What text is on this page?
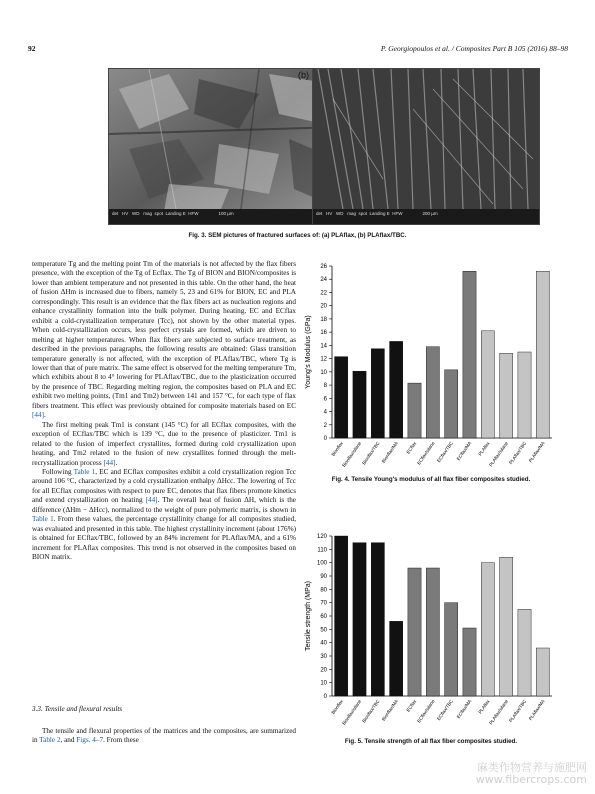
92	P. Georgiopoulos et al. / Composites Part B 105 (2016) 88–98
det   HV   WD   mag  spot  Landing E  HFW                100 µm
(b)
det   HV   WD   mag  spot  Landing E  HFW                200 µm
Fig. 3. SEM pictures of fractured surfaces of: (a) PLAflax, (b) PLAflax/TBC.

temperature Tg and the melting point Tm of the materials is not affected by the flax fibers presence, with the exception of the Tg of Ecflax. The Tg of BION and BION/composites is lower than ambient temperature and not presented in this table. On the other hand, the heat of fusion ΔHm is increased due to fibers, namely 5, 23 and 61% for BION, EC and PLA correspondingly. This result is an evidence that the flax fibers act as nucleation regions and enhance crystallinity formation into the bulk polymer. During heating, EC and ECflax exhibit a cold-crystallization temperature (Tcc), not shown by the other material types. When cold-crystallization occurs, less perfect crystals are formed, which are driven to melting at higher temperatures. When flax fibers are subjected to surface treatment, as described in the previous paragraphs, the following results are obtained: Glass transition temperature generally is not affected, with the exception of PLAflax/TBC, where Tg is lower than that of pure matrix. The same effect is observed for the melting temperature Tm, which exhibits about 8 to 4° lowering for PLAflax/TBC, due to the plasticization occurred by the presence of TBC. Regarding melting region, the composites based on PLA and EC exhibit two melting points, (Tm1 and Tm2) between 141 and 157 °C, for each type of flax fibers treatment. This effect was previously obtained for composite materials based on EC [44].

The first melting peak Tm1 is constant (145 °C) for all ECflax composites, with the exception of ECflax/TBC which is 139 °C, due to the presence of plasticizer. Tm1 is related to the fusion of imperfect crystallites, formed during cold crystallization upon heating, and Tm2 related to the fusion of new crystallites formed through the melt-recrystallization process [44].

Following Table 1, EC and ECflax composites exhibit a cold crystallization region Tcc around 106 °C, characterized by a cold crystallization enthalpy ΔHcc. The lowering of Tcc for all ECflax composites with respect to pure EC, denotes that flax fibers promote kinetics and extend crystallization on heating [44]. The overall heat of fusion ΔH, which is the difference (ΔHm − ΔHcc), normalized to the weight of pure polymeric matrix, is shown in Table 1. From these values, the percentage crystallinity change for all composites studied, was evaluated and presented in this table. The highest crystallinity increment (about 176%) is obtained for ECflax/TBC, followed by an 84% increment for PLAflax/MA, and a 61% increment for PLAflax composites. This trend is not observed in the composites based on BION matrix.

3.3. Tensile and flexural results

The tensile and flexural properties of the matrices and the composites, are summarized in Table 2, and Figs. 4–7. From these

0
2
4
6
8
10
12
14
16
18
20
22
24
26
Young's Modulus (GPa)
Bionflax
Bionflax/silane
Bionflax/TBC Bionflax/MA ECflax
ECflax/silane ECflax/TBC ECflax/MA PLAflax
PLAflax/silane PLAflax/TBC PLAflax/MA
Fig. 4. Tensile Young's modulus of all flax fiber composites studied.
0
10
20
30
40
50
60
70
80
90
100
110
120
Tensile strength (MPa)
Bionflax
Bionflax/silane
Bionflax/TBC Bionflax/MA ECflax
ECflax/silane ECflax/TBC ECflax/MA PLAflax
PLAflax/silane PLAflax/TBC PLAflax/MA
Fig. 5. Tensile strength of all flax fiber composites studied.
麻类作物营养与施肥网
www.fibercrops.com
